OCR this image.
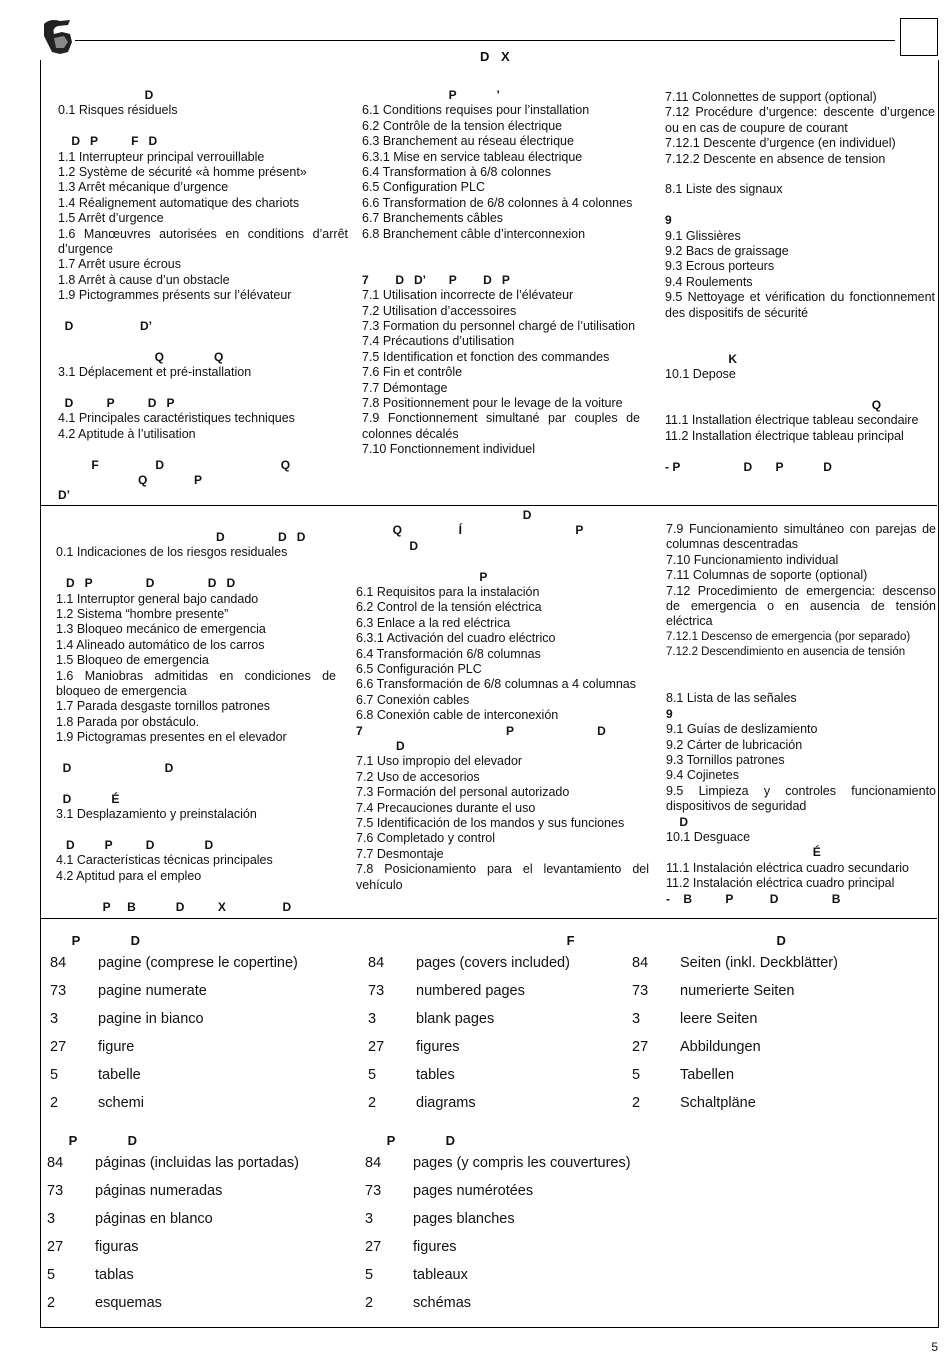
D X
D
0.1 Risques résiduels
D   P          F   D
1.1 Interrupteur principal verrouillable
1.2 Système de sécurité «à homme présent»
1.3 Arrêt mécanique d’urgence
1.4 Réalignement automatique des chariots
1.5 Arrêt d’urgence
1.6 Manœuvres autorisées en conditions d’arrêt d’urgence
1.7 Arrêt usure écrous
1.8 Arrêt à cause d’un obstacle
1.9 Pictogrammes présents sur l’élévateur
D                    D’
Q               Q
3.1 Déplacement et pré-installation
D          P          D   P
4.1 Principales caractéristiques techniques
4.2 Aptitude à l’utilisation
F                 D                                   Q
Q              P
D’
P            ’
6.1 Conditions requises pour l’installation
6.2 Contrôle de la tension électrique
6.3 Branchement au réseau électrique
6.3.1 Mise en service tableau électrique
6.4 Transformation à 6/8 colonnes
6.5 Configuration PLC
6.6 Transformation de 6/8 colonnes à 4 colonnes
6.7 Branchements câbles
6.8 Branchement câble d’interconnexion
7        D   D’       P        D   P
7.1 Utilisation incorrecte de l’élévateur
7.2 Utilisation d’accessoires
7.3 Formation du personnel chargé de l’utilisation
7.4 Précautions d’utilisation
7.5 Identification et fonction des commandes
7.6 Fin et contrôle
7.7 Démontage
7.8 Positionnement pour le levage de la voiture
7.9 Fonctionnement simultané par couples de colonnes décalés
7.10 Fonctionnement individuel
7.11 Colonnettes de support (optional)
7.12 Procédure d’urgence: descente d’urgence ou en cas de coupure de courant
7.12.1 Descente d’urgence (en individuel)
7.12.2 Descente en absence de tension
8.1 Liste des signaux
9
9.1 Glissières
9.2 Bacs de graissage
9.3 Ecrous porteurs
9.4 Roulements
9.5 Nettoyage et vérification du fonctionnement des dispositifs de sécurité
K
10.1 Depose
Q
11.1 Installation électrique tableau secondaire
11.2 Installation électrique tableau principal
- P                   D       P            D
D                D   D
0.1 Indicaciones de los riesgos residuales
D   P                D                D   D
1.1 Interruptor general bajo candado
1.2 Sistema “hombre presente”
1.3 Bloqueo mecánico de emergencia
1.4 Alineado automático de los carros
1.5 Bloqueo de emergencia
1.6 Maniobras admitidas en condiciones de bloqueo de emergencia
1.7 Parada desgaste tornillos patrones
1.8 Parada por obstáculo.
1.9 Pictogramas presentes en el elevador
D                            D
D            É
3.1 Desplazamiento y preinstalación
D         P          D               D
4.1 Características técnicas principales
4.2 Aptitud para el empleo
P     B            D          X                 D
D
Q                 Í                                  P
D
P
6.1 Requisitos para la instalación
6.2 Control de la tensión eléctrica
6.3 Enlace a la red eléctrica
6.3.1 Activación del cuadro eléctrico
6.4 Transformación 6/8 columnas
6.5 Configuración PLC
6.6 Transformación de 6/8 columnas a 4 columnas
6.7 Conexión cables
6.8 Conexión cable de interconexión
7                                           P                         D
D
7.1 Uso impropio del elevador
7.2 Uso de accesorios
7.3 Formación del personal autorizado
7.4 Precauciones durante el uso
7.5 Identificación de los mandos y sus funciones
7.6 Completado y control
7.7 Desmontaje
7.8 Posicionamiento para el levantamiento del vehículo
7.9 Funcionamiento simultáneo con parejas de columnas descentradas
7.10 Funcionamiento individual
7.11 Columnas de soporte (optional)
7.12 Procedimiento de emergencia: descenso de emergencia o en ausencia de tensión eléctrica
7.12.1 Descenso de emergencia (por separado)
7.12.2 Descendimiento en ausencia de tensión
8.1 Lista de las señales
9
9.1 Guías de deslizamiento
9.2 Cárter de lubricación
9.3 Tornillos patrones
9.4 Cojinetes
9.5 Limpieza y controles funcionamiento dispositivos de seguridad
D
10.1 Desguace
É
11.1 Instalación eléctrica cuadro secundario
11.2 Instalación eléctrica cuadro principal
-    B          P           D                B
P              D
84	pagine (comprese le copertine)
73	pagine numerate
3	pagine in bianco
27	figure
5	tabelle
2	schemi
F
84	pages (covers included)
73	numbered pages
3	blank pages
27	figures
5	tables
2	diagrams
D
84	Seiten (inkl. Deckblätter)
73	numerierte Seiten
3	leere Seiten
27	Abbildungen
5	Tabellen
2	Schaltpläne
P              D
84	páginas (incluidas las portadas)
73	páginas numeradas
3	páginas en blanco
27	figuras
5	tablas
2	esquemas
P              D
84	pages (y compris les couvertures)
73	pages numérotées
3	pages blanches
27	figures
5	tableaux
2	schémas
5
